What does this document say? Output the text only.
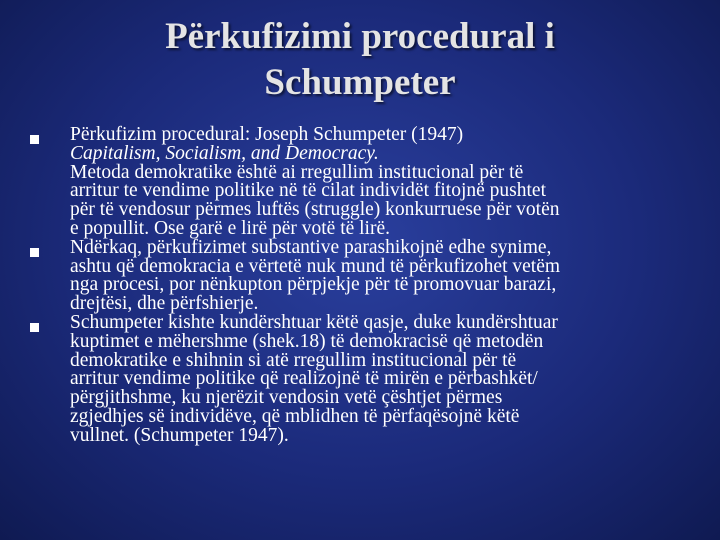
Përkufizimi procedural i
Schumpeter
Përkufizim procedural: Joseph Schumpeter (1947)
Capitalism, Socialism, and Democracy.
Metoda demokratike është ai rregullim institucional për të
arritur te vendime politike në të cilat individët fitojnë pushtet
për të vendosur përmes luftës (struggle) konkurruese për votën
e popullit. Ose garë e lirë për votë të lirë.
Ndërkaq, përkufizimet substantive parashikojnë edhe synime,
ashtu që demokracia e vërtetë nuk mund të përkufizohet vetëm
nga procesi, por nënkupton përpjekje për të promovuar barazi,
drejtësi, dhe përfshierje.
Schumpeter kishte kundërshtuar këtë qasje, duke kundërshtuar
kuptimet e mëhershme (shek.18) të demokracisë që metodën
demokratike e shihnin si atë rregullim institucional për të
arritur vendime politike që realizojnë të mirën e përbashkët/
përgjithshme, ku njerëzit vendosin vetë çështjet përmes
zgjedhjes së individëve, që mblidhen të përfaqësojnë këtë
vullnet. (Schumpeter 1947).
